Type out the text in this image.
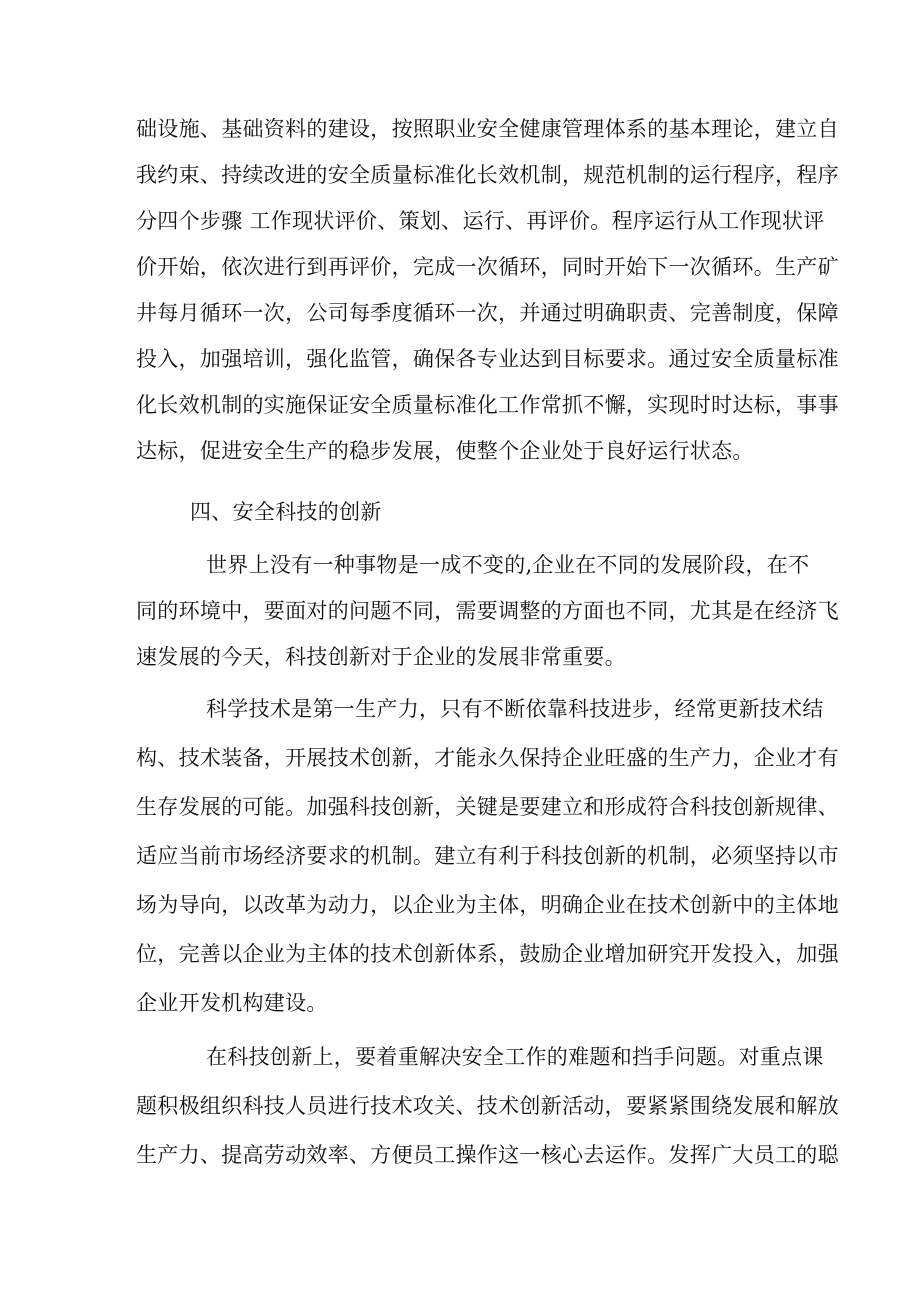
础设施、基础资料的建设，按照职业安全健康管理体系的基本理论，建立自
我约束、持续改进的安全质量标准化长效机制，规范机制的运行程序，程序
分四个步骤 工作现状评价、策划、运行、再评价。程序运行从工作现状评
价开始，依次进行到再评价，完成一次循环，同时开始下一次循环。生产矿
井每月循环一次，公司每季度循环一次，并通过明确职责、完善制度，保障
投入，加强培训，强化监管，确保各专业达到目标要求。通过安全质量标准
化长效机制的实施保证安全质量标准化工作常抓不懈，实现时时达标，事事
达标，促进安全生产的稳步发展，使整个企业处于良好运行状态。
四、安全科技的创新
世界上没有一种事物是一成不变的,企业在不同的发展阶段，在不
同的环境中，要面对的问题不同，需要调整的方面也不同，尤其是在经济飞
速发展的今天，科技创新对于企业的发展非常重要。
科学技术是第一生产力，只有不断依靠科技进步，经常更新技术结
构、技术装备，开展技术创新，才能永久保持企业旺盛的生产力，企业才有
生存发展的可能。加强科技创新，关键是要建立和形成符合科技创新规律、
适应当前市场经济要求的机制。建立有利于科技创新的机制，必须坚持以市
场为导向，以改革为动力，以企业为主体，明确企业在技术创新中的主体地
位，完善以企业为主体的技术创新体系，鼓励企业增加研究开发投入，加强
企业开发机构建设。
在科技创新上，要着重解决安全工作的难题和挡手问题。对重点课
题积极组织科技人员进行技术攻关、技术创新活动，要紧紧围绕发展和解放
生产力、提高劳动效率、方便员工操作这一核心去运作。发挥广大员工的聪
